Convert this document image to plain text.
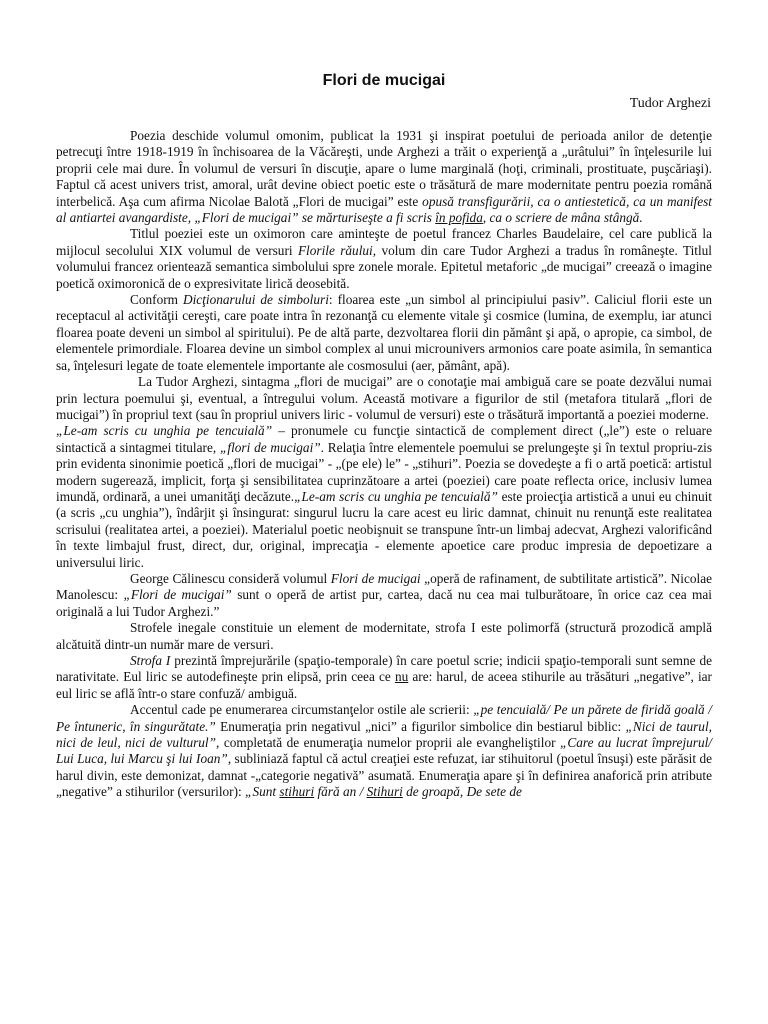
Flori de mucigai
Tudor Arghezi

Poezia deschide volumul omonim, publicat la 1931 şi inspirat poetului de perioada anilor de detenţie petrecuţi între 1918-1919 în închisoarea de la Văcăreşti, unde Arghezi a trăit o experienţă a „urâtului” în înţelesurile lui proprii cele mai dure. În volumul de versuri în discuţie, apare o lume marginală (hoţi, criminali, prostituate, puşcăriaşi). Faptul că acest univers trist, amoral, urât devine obiect poetic este o trăsătură de mare modernitate pentru poezia română interbelică. Aşa cum afirma Nicolae Balotă „Flori de mucigai” este opusă transfigurării, ca o antiestetică, ca un manifest al antiartei avangardiste, „Flori de mucigai” se mărturiseşte a fi scris în pofida, ca o scriere de mâna stângă.

Titlul poeziei este un oximoron care aminteşte de poetul francez Charles Baudelaire, cel care publică la mijlocul secolului XIX volumul de versuri Florile răului, volum din care Tudor Arghezi a tradus în româneşte. Titlul volumului francez orientează semantica simbolului spre zonele morale. Epitetul metaforic „de mucigai” creează o imagine poetică oximoronică de o expresivitate lirică deosebită.

Conform Dicţionarului de simboluri: floarea este „un simbol al principiului pasiv”. Caliciul florii este un receptacul al activităţii cereşti, care poate intra în rezonanţă cu elemente vitale şi cosmice (lumina, de exemplu, iar atunci floarea poate deveni un simbol al spiritului). Pe de altă parte, dezvoltarea florii din pământ şi apă, o apropie, ca simbol, de elementele primordiale. Floarea devine un simbol complex al unui microunivers armonios care poate asimila, în semantica sa, înţelesuri legate de toate elementele importante ale cosmosului (aer, pământ, apă).

La Tudor Arghezi, sintagma „flori de mucigai” are o conotaţie mai ambiguă care se poate dezvălui numai prin lectura poemului şi, eventual, a întregului volum. Această motivare a figurilor de stil (metafora titulară „flori de mucigai”) în propriul text (sau în propriul univers liric - volumul de versuri) este o trăsătură importantă a poeziei moderne.

„Le-am scris cu unghia pe tencuială” – pronumele cu funcţie sintactică de complement direct („le”) este o reluare sintactică a sintagmei titulare, „flori de mucigai”. Relaţia între elementele poemului se prelungeşte şi în textul propriu-zis prin evidenta sinonimie poetică „flori de mucigai” - „(pe ele) le” - „stihuri”. Poezia se dovedeşte a fi o artă poetică: artistul modern sugerează, implicit, forţa şi sensibilitatea cuprinzătoare a artei (poeziei) care poate reflecta orice, inclusiv lumea imundă, ordinară, a unei umanităţi decăzute.„Le-am scris cu unghia pe tencuială” este proiecţia artistică a unui eu chinuit (a scris „cu unghia”), îndârjit şi însingurat: singurul lucru la care acest eu liric damnat, chinuit nu renunţă este realitatea scrisului (realitatea artei, a poeziei). Materialul poetic neobişnuit se transpune într-un limbaj adecvat, Arghezi valorificând în texte limbajul frust, direct, dur, original, imprecaţia - elemente apoetice care produc impresia de depoetizare a universului liric.

George Călinescu consideră volumul Flori de mucigai „operă de rafinament, de subtilitate artistică”. Nicolae Manolescu: „Flori de mucigai” sunt o operă de artist pur, cartea, dacă nu cea mai tulburătoare, în orice caz cea mai originală a lui Tudor Arghezi.”

Strofele inegale constituie un element de modernitate, strofa I este polimorfă (structură prozodică amplă alcătuită dintr-un număr mare de versuri.

Strofa I prezintă împrejurările (spaţio-temporale) în care poetul scrie; indicii spaţio-temporali sunt semne de narativitate. Eul liric se autodefineşte prin elipsă, prin ceea ce nu are: harul, de aceea stihurile au trăsături „negative”, iar eul liric se află într-o stare confuză/ ambiguă.

Accentul cade pe enumerarea circumstanţelor ostile ale scrierii: „pe tencuială/ Pe un părete de firidă goală / Pe întuneric, în singurătate.” Enumeraţia prin negativul „nici” a figurilor simbolice din bestiarul biblic: „Nici de taurul, nici de leul, nici de vulturul”, completată de enumeraţia numelor proprii ale evangheliştilor „Care au lucrat împrejurul/ Lui Luca, lui Marcu şi lui Ioan”, subliniază faptul că actul creaţiei este refuzat, iar stihuitorul (poetul însuşi) este părăsit de harul divin, este demonizat, damnat -„categorie negativă” asumată. Enumeraţia apare şi în definirea anaforică prin atribute „negative” a stihurilor (versurilor): „Sunt stihuri fără an / Stihuri de groapă, De sete de
